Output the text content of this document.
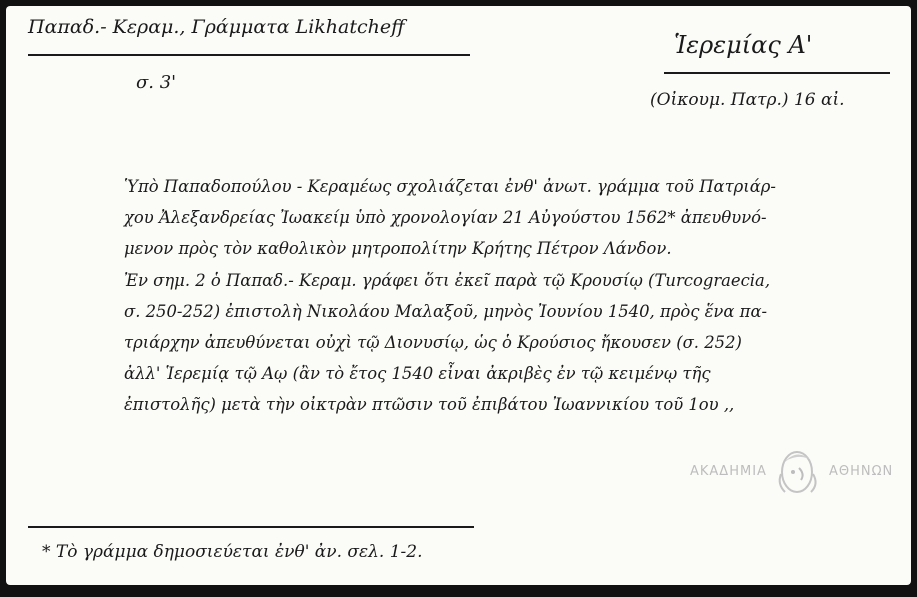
Παπαδ.- Κεραμ., Γράμματα Likhatcheff
σ. 3'
Ἱερεμίας Α'
(Οἰκουμ. Πατρ.) 16 αἰ.
Ὑπὸ Παπαδοπούλου - Κεραμέως σχολιάζεται ἐνθ' ἀνωτ. γράμμα τοῦ Πατριάρ-
χου Ἀλεξανδρείας Ἰωακείμ ὑπὸ χρονολογίαν 21 Αὐγούστου 1562* ἀπευθυνό-
μενον πρὸς τὸν καθολικὸν μητροπολίτην Κρήτης Πέτρον Λάνδον.
Ἐν σημ. 2 ὁ Παπαδ.- Κεραμ. γράφει ὅτι ἐκεῖ παρὰ τῷ Κρουσίῳ (Turcograecia,
σ. 250-252) ἐπιστολὴ Νικολάου Μαλαξοῦ, μηνὸς Ἰουνίου 1540, πρὸς ἕνα πα-
τριάρχην ἀπευθύνεται οὐχὶ τῷ Διονυσίῳ, ὡς ὁ Κρούσιος ἤκουσεν (σ. 252)
ἀλλ' Ἱερεμίᾳ τῷ Αῳ (ἂν τὸ ἔτος 1540 εἶναι ἀκριβὲς ἐν τῷ κειμένῳ τῆς
ἐπιστολῆς) μετὰ τὴν οἰκτρὰν πτῶσιν τοῦ ἐπιβάτου Ἰωαννικίου τοῦ 1ου ,,
* Τὸ γράμμα δημοσιεύεται ἐνθ' ἀν. σελ. 1-2.
ΑΚΑΔΗΜΙΑ	ΑΘΗΝΩΝ
